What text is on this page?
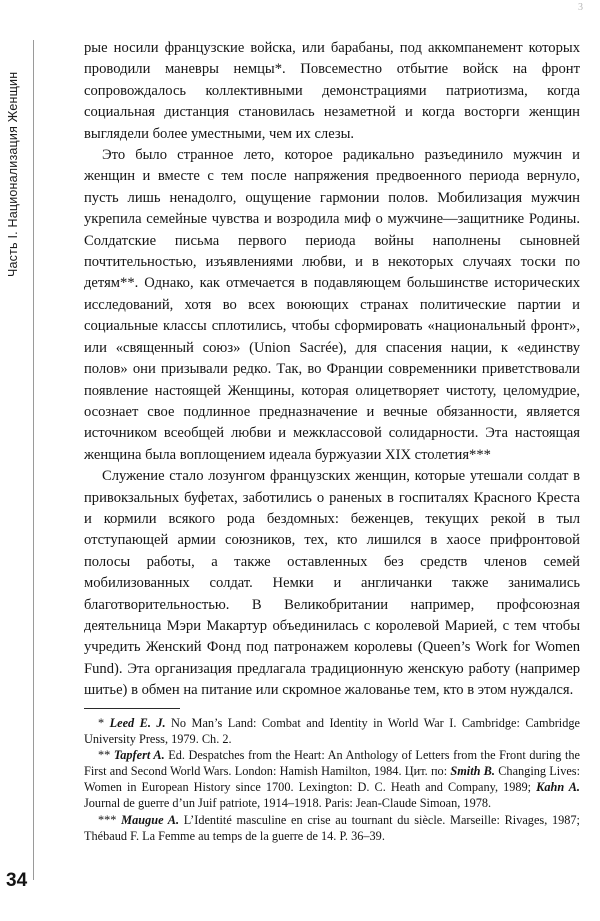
Часть I. Национализация Женщин
3

рые носили французские войска, или барабаны, под аккомпанемент которых проводили маневры немцы*. Повсеместно отбытие войск на фронт сопровождалось коллективными демонстрациями патриотизма, когда социальная дистанция становилась незаметной и когда восторги женщин выглядели более уместными, чем их слезы.

Это было странное лето, которое радикально разъединило мужчин и женщин и вместе с тем после напряжения предвоенного периода вернуло, пусть лишь ненадолго, ощущение гармонии полов. Мобилизация мужчин укрепила семейные чувства и возродила миф о мужчине—защитнике Родины. Солдатские письма первого периода войны наполнены сыновней почтительностью, изъявлениями любви, и в некоторых случаях тоски по детям**. Однако, как отмечается в подавляющем большинстве исторических исследований, хотя во всех воюющих странах политические партии и социальные классы сплотились, чтобы сформировать «национальный фронт», или «священный союз» (Union Sacrée), для спасения нации, к «единству полов» они призывали редко. Так, во Франции современники приветствовали появление настоящей Женщины, которая олицетворяет чистоту, целомудрие, осознает свое подлинное предназначение и вечные обязанности, является источником всеобщей любви и межклассовой солидарности. Эта настоящая женщина была воплощением идеала буржуазии XIX столетия***

Служение стало лозунгом французских женщин, которые утешали солдат в привокзальных буфетах, заботились о раненых в госпиталях Красного Креста и кормили всякого рода бездомных: беженцев, текущих рекой в тыл отступающей армии союзников, тех, кто лишился в хаосе прифронтовой полосы работы, а также оставленных без средств членов семей мобилизованных солдат. Немки и англичанки также занимались благотворительностью. В Великобритании например, профсоюзная деятельница Мэри Макартур объединилась с королевой Марией, с тем чтобы учредить Женский Фонд под патронажем королевы (Queen’s Work for Women Fund). Эта организация предлагала традиционную женскую работу (например шитье) в обмен на питание или скромное жалованье тем, кто в этом нуждался.

* Leed E. J. No Man’s Land: Combat and Identity in World War I. Cambridge: Cambridge University Press, 1979. Ch. 2.

** Tapfert A. Ed. Despatches from the Heart: An Anthology of Letters from the Front during the First and Second World Wars. London: Hamish Hamilton, 1984. Цит. по: Smith B. Changing Lives: Women in European History since 1700. Lexington: D. C. Heath and Company, 1989; Kahn A. Journal de guerre d’un Juif patriote, 1914–1918. Paris: Jean-Claude Simoan, 1978.

*** Maugue A. L’Identité masculine en crise au tournant du siècle. Marseille: Rivages, 1987; Thébaud F. La Femme au temps de la guerre de 14. P. 36–39.

34
